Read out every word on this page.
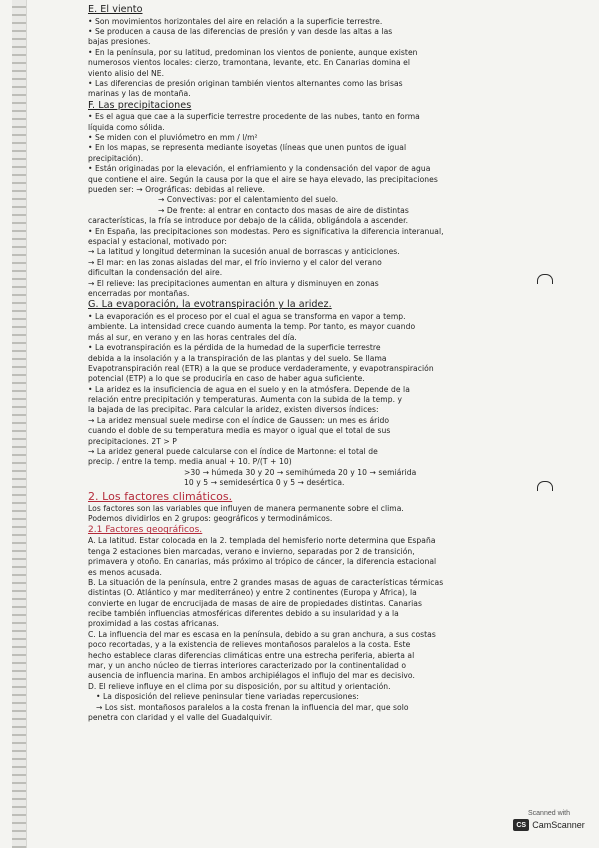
E. El viento
• Son movimientos horizontales del aire en relación a la superficie terrestre.
• Se producen a causa de las diferencias de presión y van desde las altas a las
bajas presiones.
• En la península, por su latitud, predominan los vientos de poniente, aunque existen
numerosos vientos locales: cierzo, tramontana, levante, etc. En Canarias domina el
viento alisio del NE.
• Las diferencias de presión originan también vientos alternantes como las brisas
marinas y las de montaña.
F. Las precipitaciones
• Es el agua que cae a la superficie terrestre procedente de las nubes, tanto en forma
líquida como sólida.
• Se miden con el pluviómetro en mm / l/m²
• En los mapas, se representa mediante isoyetas (líneas que unen puntos de igual
precipitación).
• Están originadas por la elevación, el enfriamiento y la condensación del vapor de agua
que contiene el aire. Según la causa por la que el aire se haya elevado, las precipitaciones
pueden ser: → Orográficas: debidas al relieve.
→ Convectivas: por el calentamiento del suelo.
→ De frente: al entrar en contacto dos masas de aire de distintas
características, la fría se introduce por debajo de la cálida, obligándola a ascender.
• En España, las precipitaciones son modestas. Pero es significativa la diferencia interanual,
espacial y estacional, motivado por:
→ La latitud y longitud determinan la sucesión anual de borrascas y anticiclones.
→ El mar: en las zonas aisladas del mar, el frío invierno y el calor del verano
dificultan la condensación del aire.
→ El relieve: las precipitaciones aumentan en altura y disminuyen en zonas
encerradas por montañas.
G. La evaporación, la evotranspiración y la aridez.
• La evaporación es el proceso por el cual el agua se transforma en vapor a temp.
ambiente. La intensidad crece cuando aumenta la temp. Por tanto, es mayor cuando
más al sur, en verano y en las horas centrales del día.
• La evotranspiración es la pérdida de la humedad de la superficie terrestre
debida a la insolación y a la transpiración de las plantas y del suelo. Se llama
Evapotranspiración real (ETR) a la que se produce verdaderamente, y evapotranspiración
potencial (ETP) a lo que se produciría en caso de haber agua suficiente.
• La aridez es la insuficiencia de agua en el suelo y en la atmósfera. Depende de la
relación entre precipitación y temperaturas. Aumenta con la subida de la temp. y
la bajada de las precipitac. Para calcular la aridez, existen diversos índices:
→ La aridez mensual suele medirse con el índice de Gaussen: un mes es árido
cuando el doble de su temperatura media es mayor o igual que el total de sus
precipitaciones. 2T > P
→ La aridez general puede calcularse con el índice de Martonne: el total de
precip. / entre la temp. media anual + 10. P/(T + 10)
>30 → húmeda 30 y 20 → semihúmeda 20 y 10 → semiárida
10 y 5 → semidesértica 0 y 5 → desértica.
2. Los factores climáticos.
Los factores son las variables que influyen de manera permanente sobre el clima.
Podemos dividirlos en 2 grupos: geográficos y termodinámicos.
2.1 Factores geográficos.
A. La latitud. Estar colocada en la 2. templada del hemisferio norte determina que España
tenga 2 estaciones bien marcadas, verano e invierno, separadas por 2 de transición,
primavera y otoño. En canarias, más próximo al trópico de cáncer, la diferencia estacional
es menos acusada.
B. La situación de la península, entre 2 grandes masas de aguas de características térmicas
distintas (O. Atlántico y mar mediterráneo) y entre 2 continentes (Europa y África), la
convierte en lugar de encrucijada de masas de aire de propiedades distintas. Canarias
recibe también influencias atmosféricas diferentes debido a su insularidad y a la
proximidad a las costas africanas.
C. La influencia del mar es escasa en la península, debido a su gran anchura, a sus costas
poco recortadas, y a la existencia de relieves montañosos paralelos a la costa. Este
hecho establece claras diferencias climáticas entre una estrecha periferia, abierta al
mar, y un ancho núcleo de tierras interiores caracterizado por la continentalidad o
ausencia de influencia marina. En ambos archipiélagos el influjo del mar es decisivo.
D. El relieve influye en el clima por su disposición, por su altitud y orientación.
• La disposición del relieve peninsular tiene variadas repercusiones:
→ Los sist. montañosos paralelos a la costa frenan la influencia del mar, que solo
penetra con claridad y el valle del Guadalquivir.
Scanned with
CS CamScanner
